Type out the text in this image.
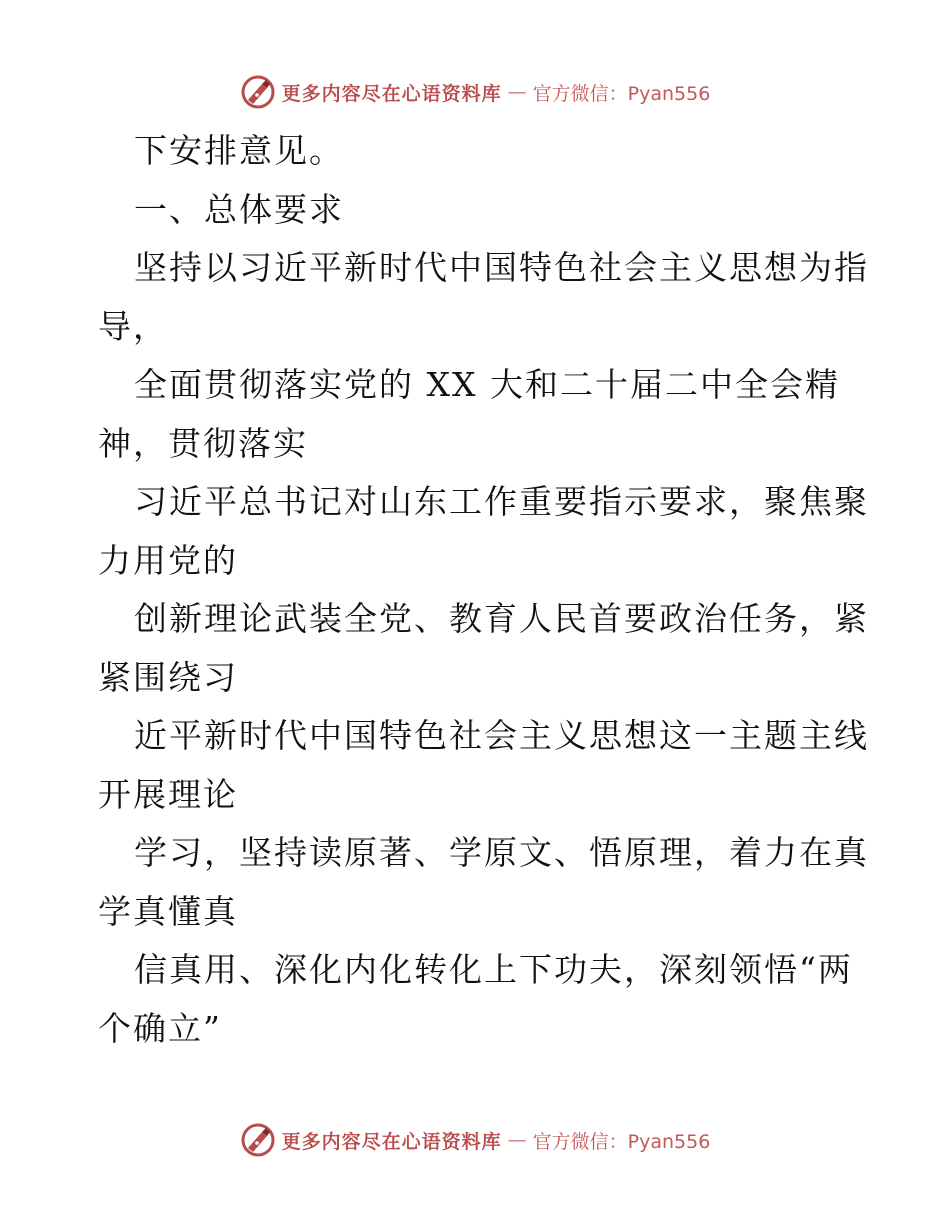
更多内容尽在心语资料库 — 官方微信：Pyan556
下安排意见。
一、总体要求
坚持以习近平新时代中国特色社会主义思想为指
导，
全面贯彻落实党的 XX 大和二十届二中全会精
神，贯彻落实
习近平总书记对山东工作重要指示要求，聚焦聚
力用党的
创新理论武装全党、教育人民首要政治任务，紧
紧围绕习
近平新时代中国特色社会主义思想这一主题主线
开展理论
学习，坚持读原著、学原文、悟原理，着力在真
学真懂真
信真用、深化内化转化上下功夫，深刻领悟“两
个确立”
更多内容尽在心语资料库 — 官方微信：Pyan556
